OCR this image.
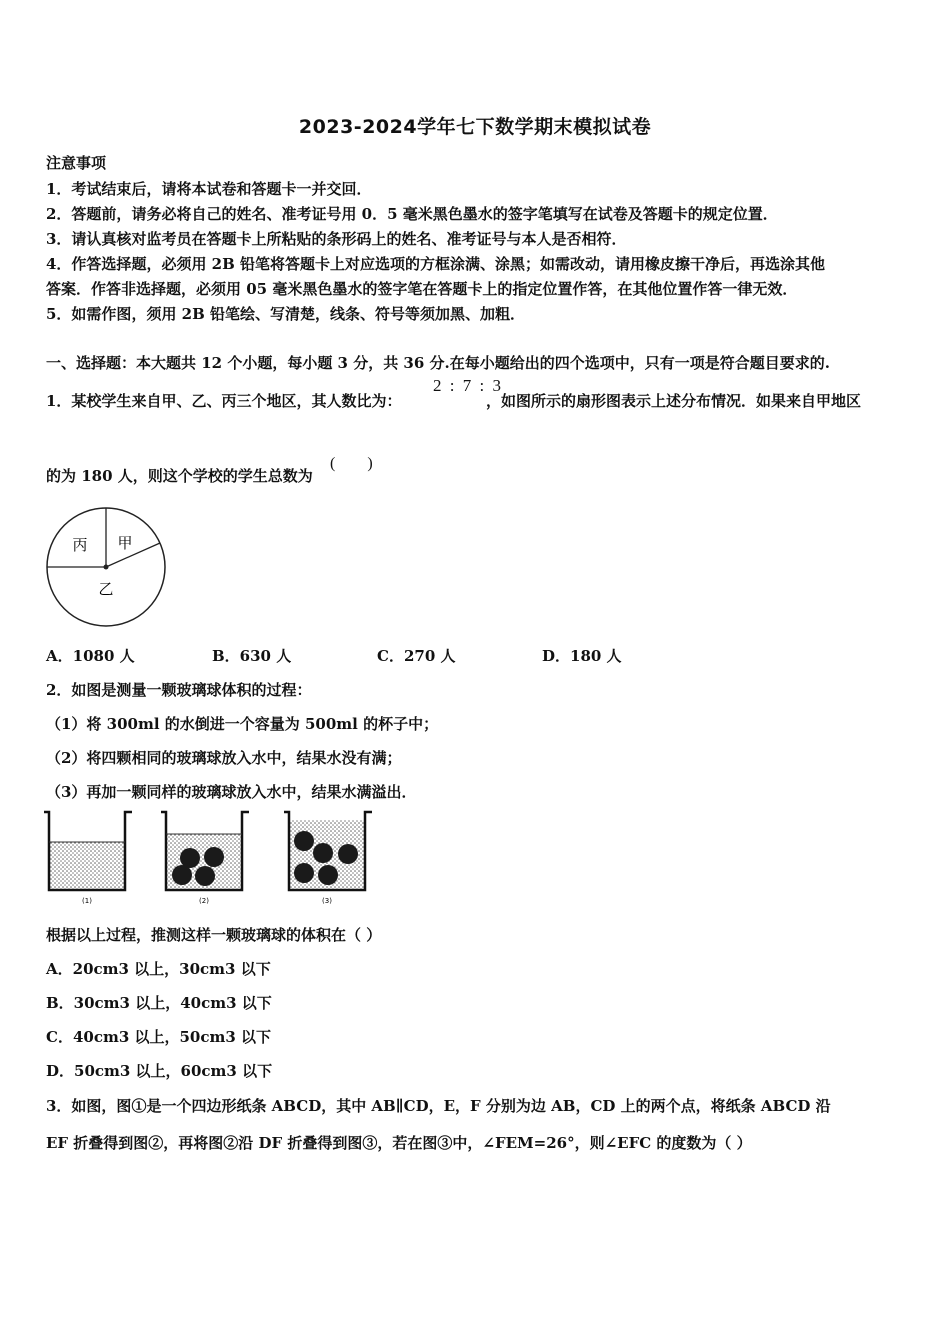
2023-2024学年七下数学期末模拟试卷
注意事项
1．考试结束后，请将本试卷和答题卡一并交回．
2．答题前，请务必将自己的姓名、准考证号用 0．5 毫米黑色墨水的签字笔填写在试卷及答题卡的规定位置．
3．请认真核对监考员在答题卡上所粘贴的条形码上的姓名、准考证号与本人是否相符．
4．作答选择题，必须用 2B 铅笔将答题卡上对应选项的方框涂满、涂黑；如需改动，请用橡皮擦干净后，再选涂其他
答案．作答非选择题，必须用 05 毫米黑色墨水的签字笔在答题卡上的指定位置作答，在其他位置作答一律无效．
5．如需作图，须用 2B 铅笔绘、写清楚，线条、符号等须加黑、加粗．
一、选择题：本大题共 12 个小题，每小题 3 分，共 36 分.在每小题给出的四个选项中，只有一项是符合题目要求的.
1．某校学生来自甲、乙、丙三个地区，其人数比为：
2 : 7 : 3
，如图所示的扇形图表示上述分布情况．如果来自甲地区
的为 180 人，则这个学校的学生总数为
(　　)
丙 甲
乙
A．1080 人	B．630 人	C．270 人	D．180 人
2．如图是测量一颗玻璃球体积的过程：
（1）将 300ml 的水倒进一个容量为 500ml 的杯子中；
（2）将四颗相同的玻璃球放入水中，结果水没有满；
（3）再加一颗同样的玻璃球放入水中，结果水满溢出．
(1)	(2)	(3)
根据以上过程，推测这样一颗玻璃球的体积在（ ）
A．20cm3 以上，30cm3 以下
B．30cm3 以上，40cm3 以下
C．40cm3 以上，50cm3 以下
D．50cm3 以上，60cm3 以下
3．如图，图①是一个四边形纸条 ABCD，其中 AB∥CD，E，F 分别为边 AB，CD 上的两个点，将纸条 ABCD 沿
EF 折叠得到图②，再将图②沿 DF 折叠得到图③，若在图③中，∠FEM=26°，则∠EFC 的度数为（ ）
